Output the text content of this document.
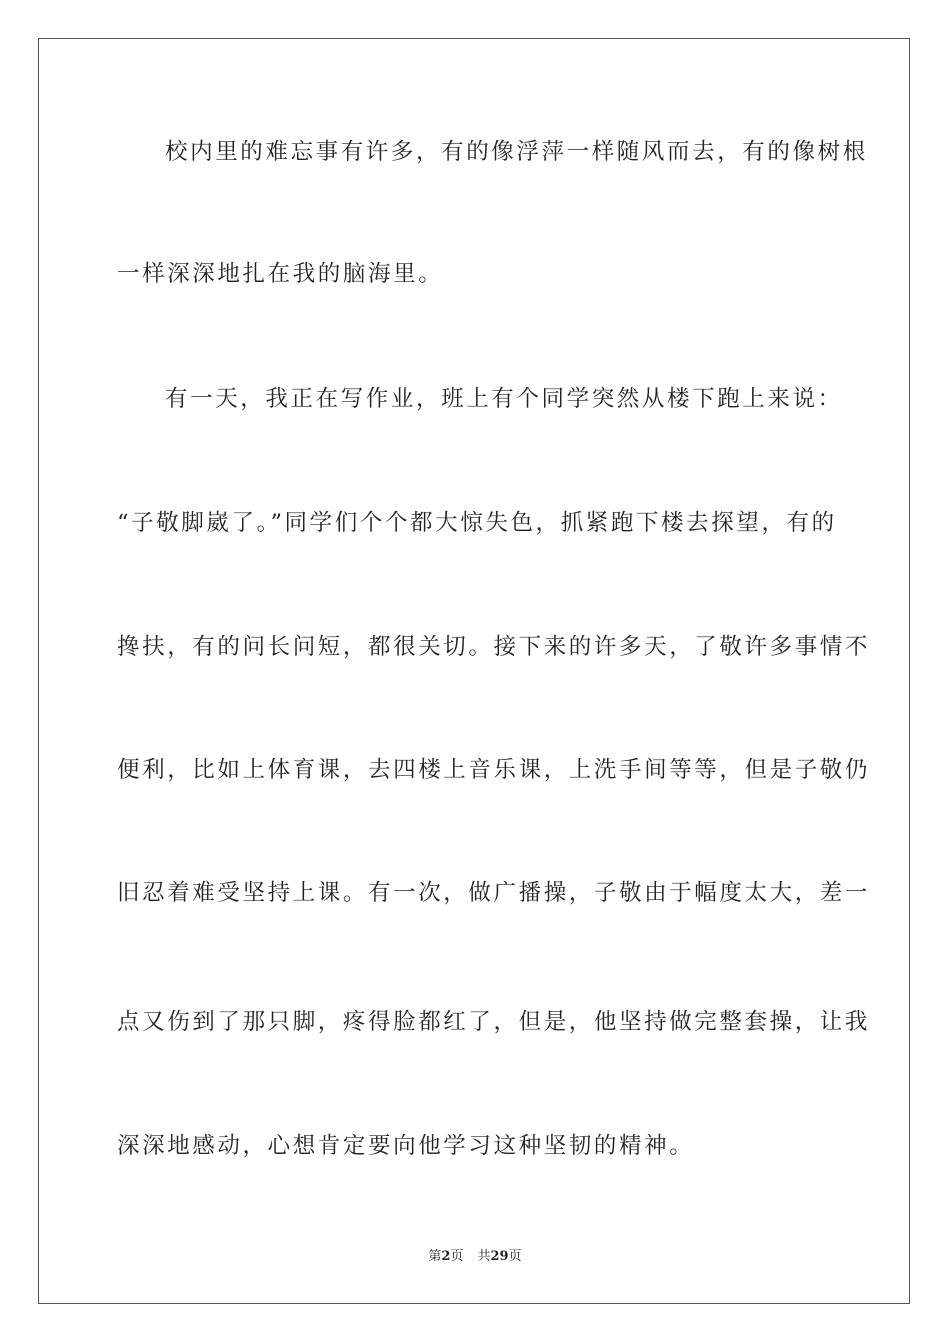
校内里的难忘事有许多，有的像浮萍一样随风而去，有的像树根
一样深深地扎在我的脑海里。
有一天，我正在写作业，班上有个同学突然从楼下跑上来说：
“子敬脚崴了。”同学们个个都大惊失色，抓紧跑下楼去探望，有的
搀扶，有的问长问短，都很关切。接下来的许多天，了敬许多事情不
便利，比如上体育课，去四楼上音乐课，上洗手间等等，但是子敬仍
旧忍着难受坚持上课。有一次，做广播操，子敬由于幅度太大，差一
点又伤到了那只脚，疼得脸都红了，但是，他坚持做完整套操，让我
深深地感动，心想肯定要向他学习这种坚韧的精神。
第2页 共29页
